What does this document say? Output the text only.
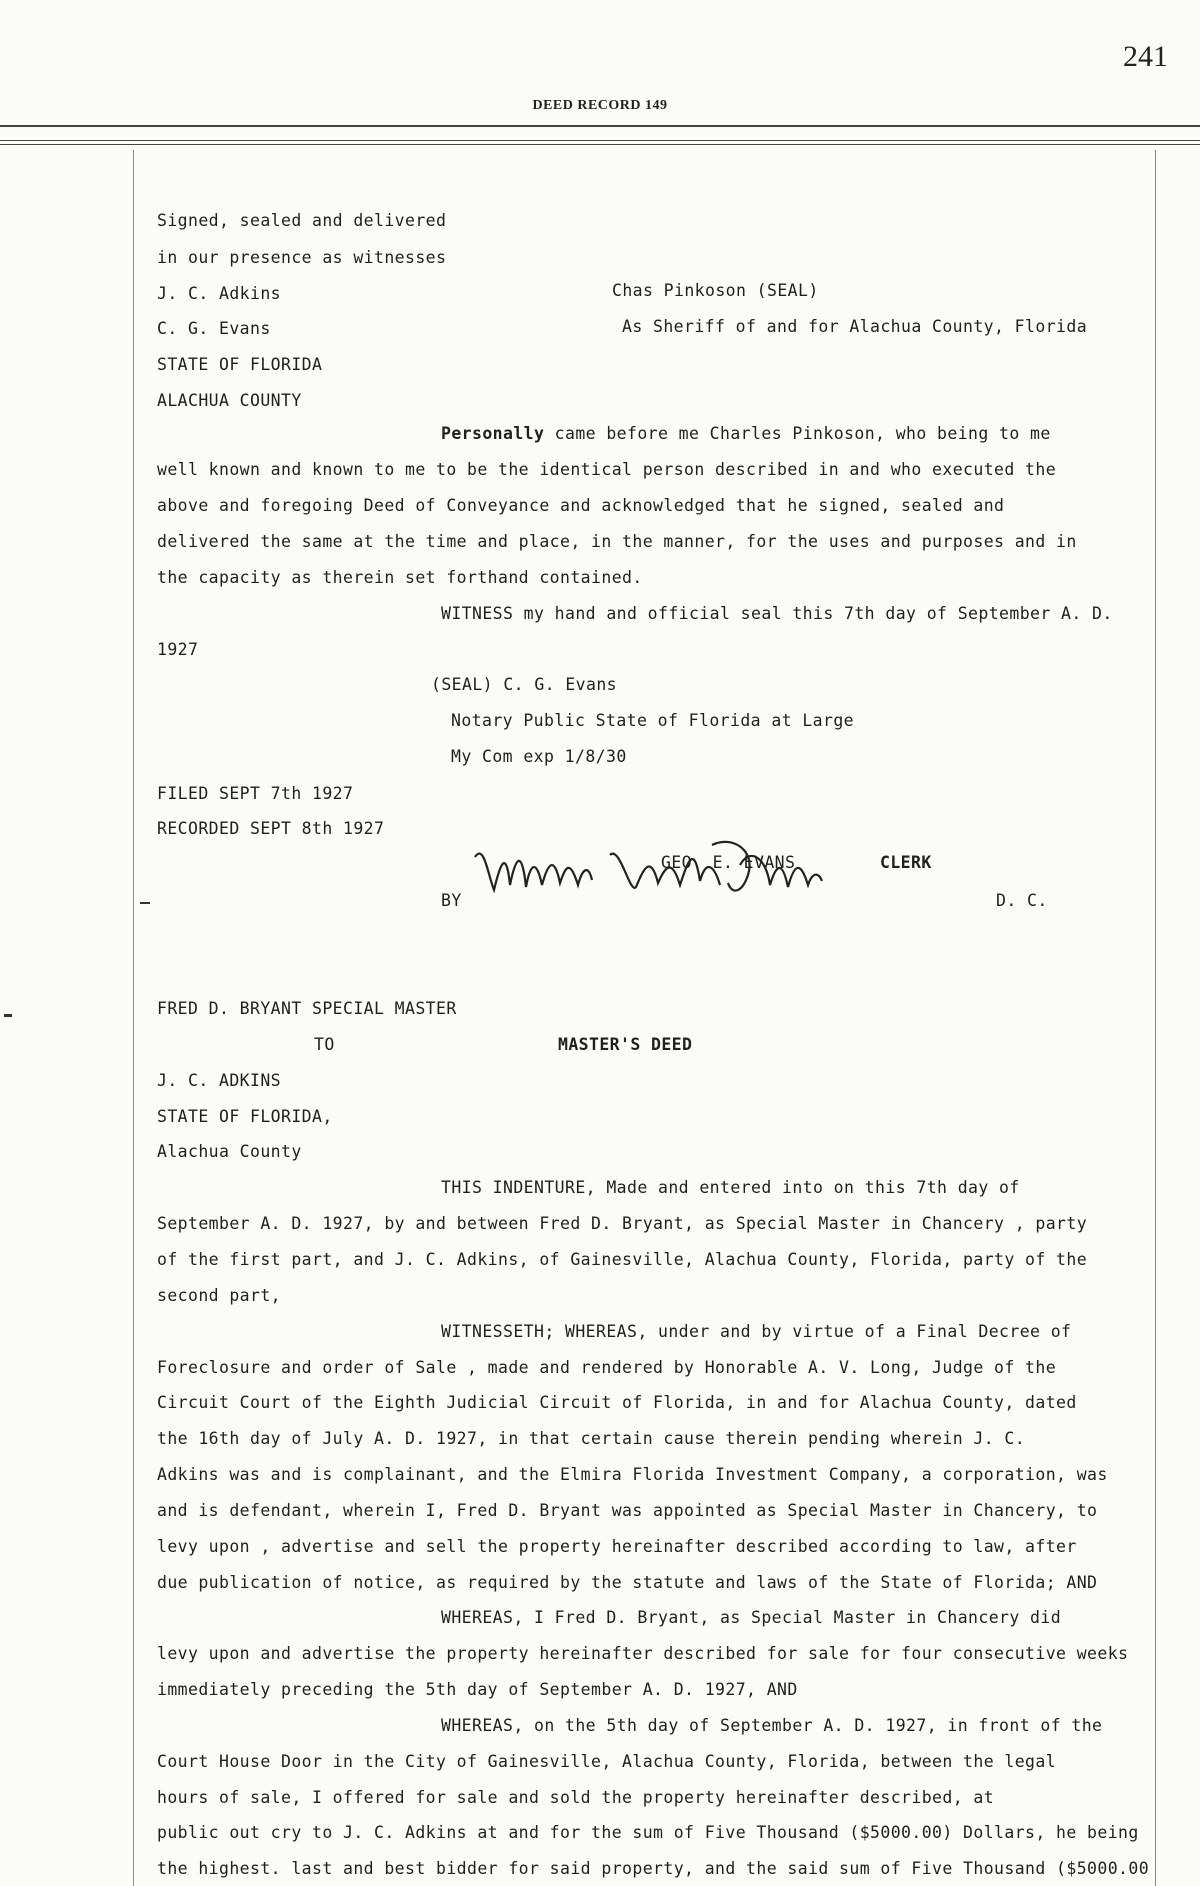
241
DEED RECORD 149
Signed, sealed and delivered
in our presence as witnesses
J. C. Adkins	Chas Pinkoson (SEAL)
C. G. Evans	As Sheriff of and for Alachua County, Florida
STATE OF FLORIDA
ALACHUA COUNTY
Personally came before me Charles Pinkoson, who being to me
well known and known to me to be the identical person described in and who executed the
above and foregoing Deed of Conveyance and acknowledged that he signed, sealed and
delivered the same at the time and place, in the manner, for the uses and purposes and in
the capacity as therein set forthand contained.
WITNESS my hand and official seal this 7th day of September A. D.
1927
(SEAL) C. G. Evans
Notary Public State of Florida at Large
My Com exp 1/8/30
FILED SEPT 7th 1927
RECORDED SEPT 8th 1927
GEO. E. EVANS	CLERK
BY	D. C.
FRED D. BRYANT SPECIAL MASTER
TO	MASTER'S DEED
J. C. ADKINS
STATE OF FLORIDA,
Alachua County
THIS INDENTURE, Made and entered into on this 7th day of
September A. D. 1927, by and between Fred D. Bryant, as Special Master in Chancery , party
of the first part, and J. C. Adkins, of Gainesville, Alachua County, Florida, party of the
second part,
WITNESSETH; WHEREAS, under and by virtue of a Final Decree of
Foreclosure and order of Sale , made and rendered by Honorable A. V. Long, Judge of the
Circuit Court of the Eighth Judicial Circuit of Florida, in and for Alachua County, dated
the 16th day of July A. D. 1927, in that certain cause therein pending wherein J. C.
Adkins was and is complainant, and the Elmira Florida Investment Company, a corporation, was
and is defendant, wherein I, Fred D. Bryant was appointed as Special Master in Chancery, to
levy upon , advertise and sell the property hereinafter described according to law, after
due publication of notice, as required by the statute and laws of the State of Florida; AND
WHEREAS, I Fred D. Bryant, as Special Master in Chancery did
levy upon and advertise the property hereinafter described for sale for four consecutive weeks
immediately preceding the 5th day of September A. D. 1927, AND
WHEREAS, on the 5th day of September A. D. 1927, in front of the
Court House Door in the City of Gainesville, Alachua County, Florida, between the legal
hours of sale, I offered for sale and sold the property hereinafter described, at
public out cry to J. C. Adkins at and for the sum of Five Thousand ($5000.00) Dollars, he being
the highest. last and best bidder for said property, and the said sum of Five Thousand ($5000.00
